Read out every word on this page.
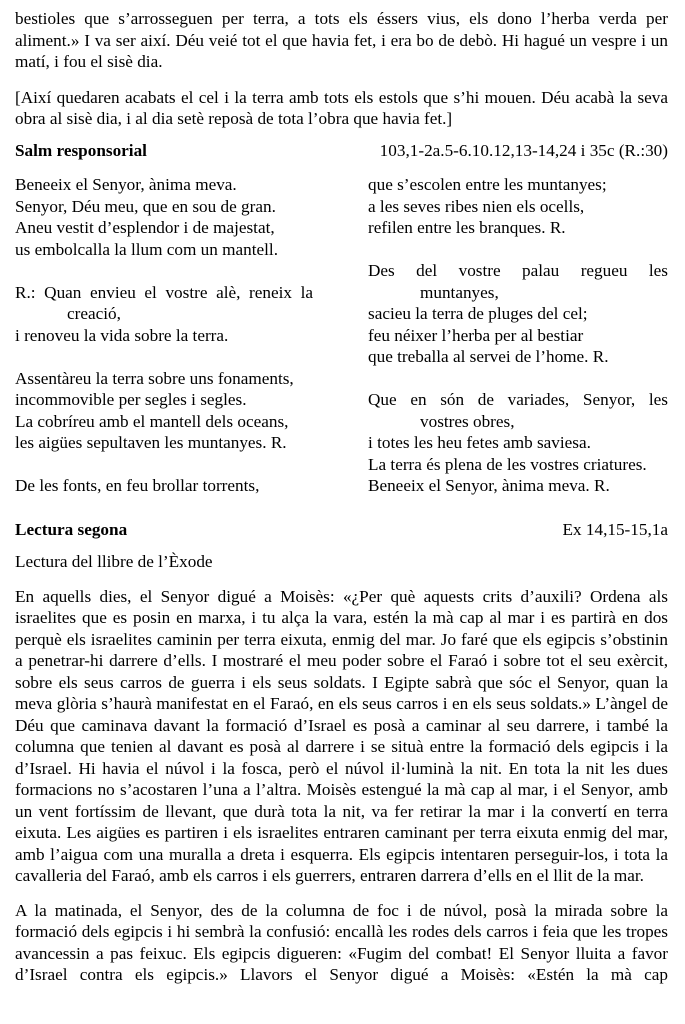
bestioles que s’arrosseguen per terra, a tots els éssers vius, els dono l’herba verda per aliment.» I va ser així. Déu veié tot el que havia fet, i era bo de debò. Hi hagué un vespre i un matí, i fou el sisè dia.

[Així quedaren acabats el cel i la terra amb tots els estols que s’hi mouen. Déu acabà la seva obra al sisè dia, i al dia setè reposà de tota l’obra que havia fet.]

Salm responsorial	103,1-2a.5-6.10.12,13-14,24 i 35c (R.:30)
Beneeix el Senyor, ànima meva.
Senyor, Déu meu, que en sou de gran.
Aneu vestit d’esplendor i de majestat,
us embolcalla la llum com un mantell.
R.: Quan envieu el vostre alè, reneix la
creació,
i renoveu la vida sobre la terra.
Assentàreu la terra sobre uns fonaments,
incommovible per segles i segles.
La cobríreu amb el mantell dels oceans,
les aigües sepultaven les muntanyes. R.
De les fonts, en feu brollar torrents,
que s’escolen entre les muntanyes;
a les seves ribes nien els ocells,
refilen entre les branques. R.
Des del vostre palau regueu les
muntanyes,
sacieu la terra de pluges del cel;
feu néixer l’herba per al bestiar
que treballa al servei de l’home. R.
Que en són de variades, Senyor, les
vostres obres,
i totes les heu fetes amb saviesa.
La terra és plena de les vostres criatures.
Beneeix el Senyor, ànima meva. R.
Lectura segona	Ex 14,15-15,1a

Lectura del llibre de l’Èxode

En aquells dies, el Senyor digué a Moisès: «¿Per què aquests crits d’auxili? Ordena als israelites que es posin en marxa, i tu alça la vara, estén la mà cap al mar i es partirà en dos perquè els israelites caminin per terra eixuta, enmig del mar. Jo faré que els egipcis s’obstinin a penetrar-hi darrere d’ells. I mostraré el meu poder sobre el Faraó i sobre tot el seu exèrcit, sobre els seus carros de guerra i els seus soldats. I Egipte sabrà que sóc el Senyor, quan la meva glòria s’haurà manifestat en el Faraó, en els seus carros i en els seus soldats.» L’àngel de Déu que caminava davant la formació d’Israel es posà a caminar al seu darrere, i també la columna que tenien al davant es posà al darrere i se situà entre la formació dels egipcis i la d’Israel. Hi havia el núvol i la fosca, però el núvol il·luminà la nit. En tota la nit les dues formacions no s’acostaren l’una a l’altra. Moisès estengué la mà cap al mar, i el Senyor, amb un vent fortíssim de llevant, que durà tota la nit, va fer retirar la mar i la convertí en terra eixuta. Les aigües es partiren i els israelites entraren caminant per terra eixuta enmig del mar, amb l’aigua com una muralla a dreta i esquerra. Els egipcis intentaren perseguir-los, i tota la cavalleria del Faraó, amb els carros i els guerrers, entraren darrera d’ells en el llit de la mar.

A la matinada, el Senyor, des de la columna de foc i de núvol, posà la mirada sobre la formació dels egipcis i hi sembrà la confusió: encallà les rodes dels carros i feia que les tropes avancessin a pas feixuc. Els egipcis digueren: «Fugim del combat! El Senyor lluita a favor d’Israel contra els egipcis.» Llavors el Senyor digué a Moisès: «Estén la mà cap
